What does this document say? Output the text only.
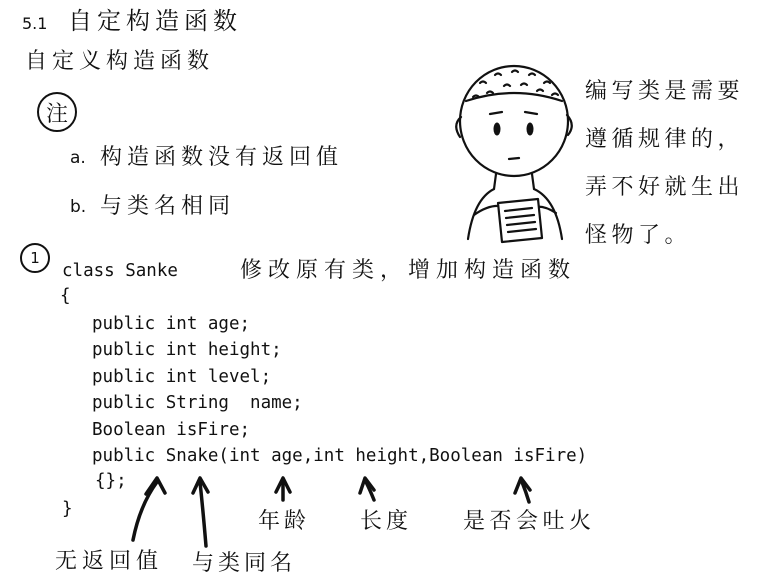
5.1 自定构造函数
自定义构造函数
注
a. 构造函数没有返回值
b. 与类名相同
1	修改原有类，增加构造函数
class Sanke
{
public int age;
public int height;
public int level;
public String  name;
Boolean isFire;
public Snake(int age,int height,Boolean isFire)
{};
}	年龄 长度 是否会吐火
无返回值 与类同名
编写类是需要
遵循规律的，
弄不好就生出
怪物了。
